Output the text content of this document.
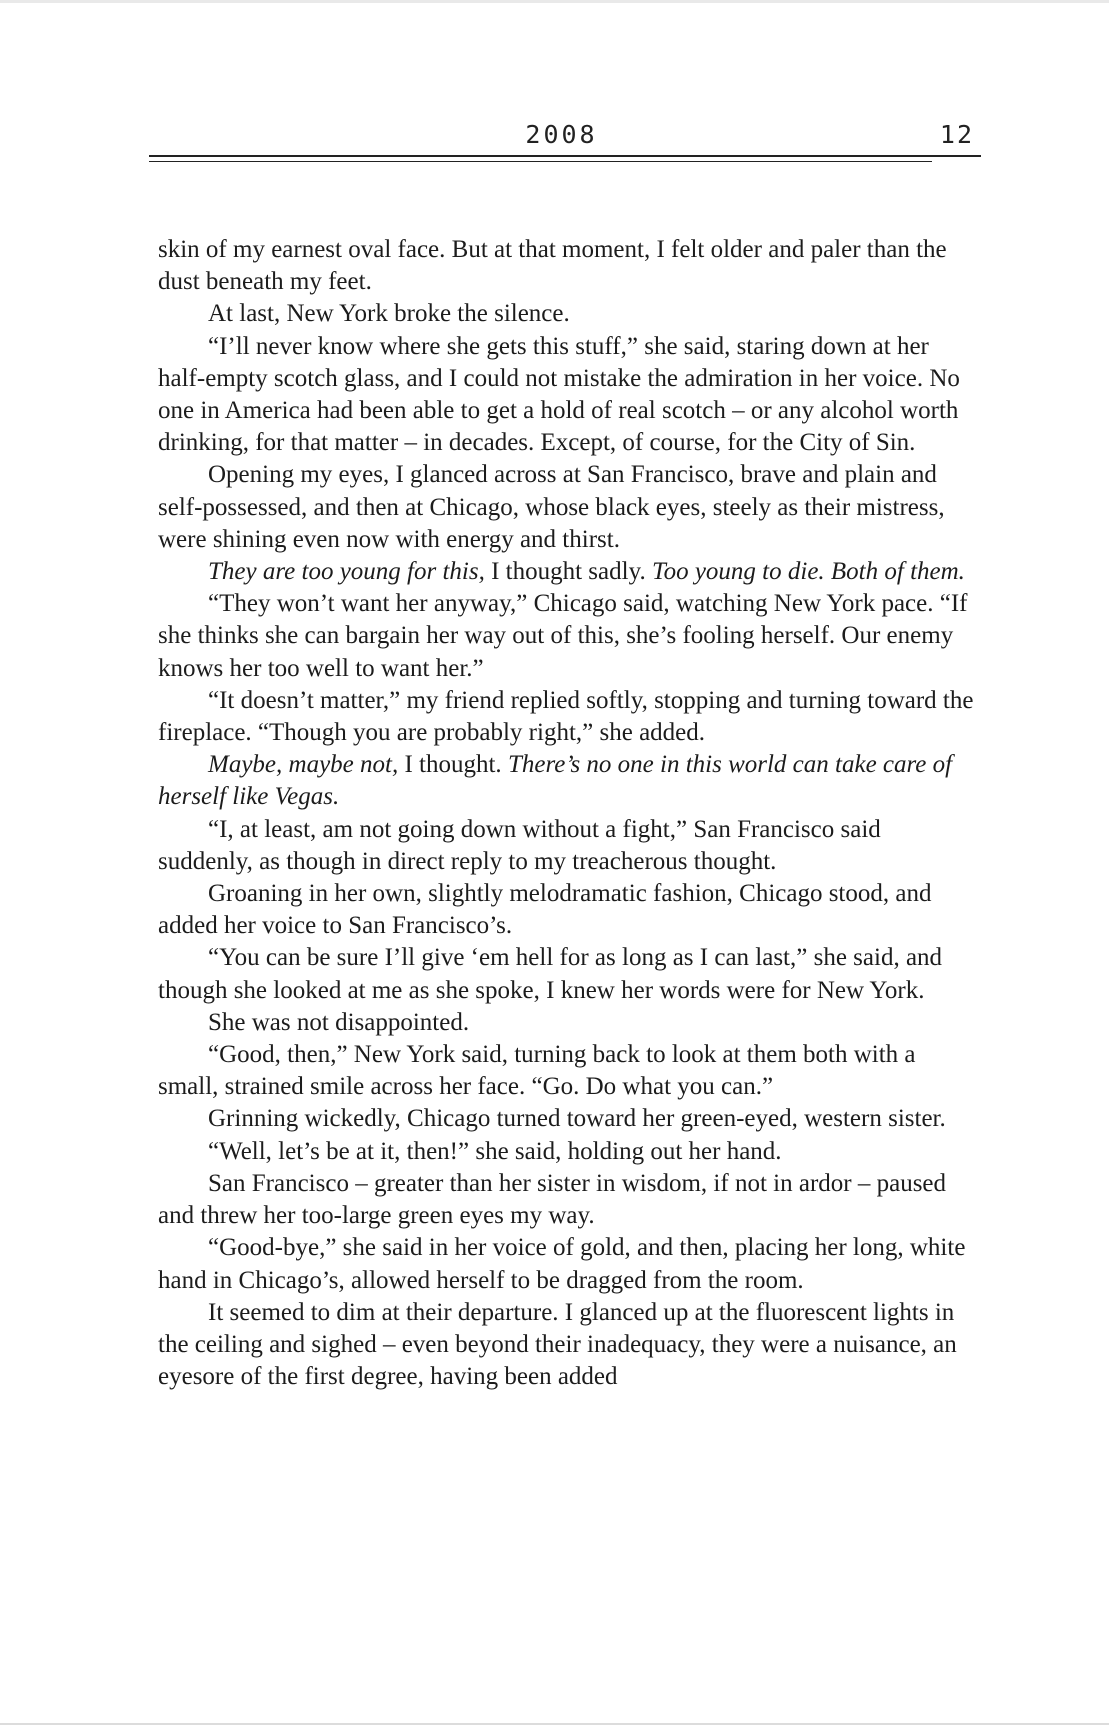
2008	12

skin of my earnest oval face. But at that moment, I felt older and paler than the dust beneath my feet.

At last, New York broke the silence.

“I’ll never know where she gets this stuff,” she said, staring down at her half-empty scotch glass, and I could not mistake the admiration in her voice. No one in America had been able to get a hold of real scotch – or any alcohol worth drinking, for that matter – in decades. Except, of course, for the City of Sin.

Opening my eyes, I glanced across at San Francisco, brave and plain and self-possessed, and then at Chicago, whose black eyes, steely as their mistress, were shining even now with energy and thirst.

They are too young for this, I thought sadly. Too young to die. Both of them.

“They won’t want her anyway,” Chicago said, watching New York pace. “If she thinks she can bargain her way out of this, she’s fooling herself. Our enemy knows her too well to want her.”

“It doesn’t matter,” my friend replied softly, stopping and turning toward the fireplace. “Though you are probably right,” she added.

Maybe, maybe not, I thought. There’s no one in this world can take care of herself like Vegas.

“I, at least, am not going down without a fight,” San Francisco said suddenly, as though in direct reply to my treacherous thought.

Groaning in her own, slightly melodramatic fashion, Chicago stood, and added her voice to San Francisco’s.

“You can be sure I’ll give ‘em hell for as long as I can last,” she said, and though she looked at me as she spoke, I knew her words were for New York.

She was not disappointed.

“Good, then,” New York said, turning back to look at them both with a small, strained smile across her face. “Go. Do what you can.”

Grinning wickedly, Chicago turned toward her green-eyed, western sister.

“Well, let’s be at it, then!” she said, holding out her hand.

San Francisco – greater than her sister in wisdom, if not in ardor – paused and threw her too-large green eyes my way.

“Good-bye,” she said in her voice of gold, and then, placing her long, white hand in Chicago’s, allowed herself to be dragged from the room.

It seemed to dim at their departure. I glanced up at the fluorescent lights in the ceiling and sighed – even beyond their inadequacy, they were a nuisance, an eyesore of the first degree, having been added
